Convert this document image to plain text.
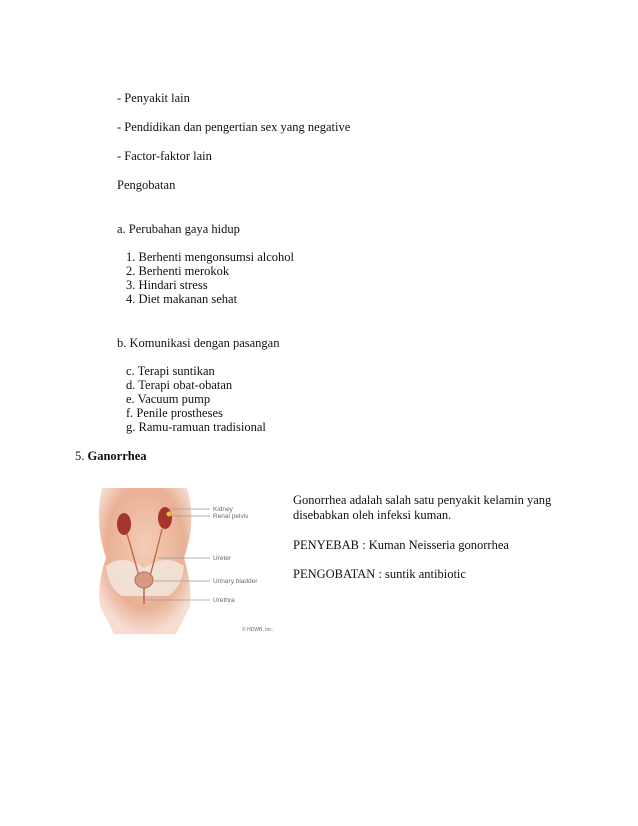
- Penyakit lain
- Pendidikan dan pengertian sex yang negative
- Factor-faktor lain
Pengobatan
a. Perubahan gaya hidup
1. Berhenti mengonsumsi alcohol
2. Berhenti merokok
3. Hindari stress
4. Diet makanan sehat
b. Komunikasi dengan pasangan
c. Terapi suntikan
d. Terapi obat-obatan
e. Vacuum pump
f. Penile prostheses
g. Ramu-ramuan tradisional
5. Ganorrhea
Kidney
Renal pelvis
Ureter
Urinary bladder
Urethra
© HDWB, Inc.
Gonorrhea adalah salah satu penyakit kelamin yang disebabkan oleh infeksi kuman.
PENYEBAB : Kuman Neisseria gonorrhea
PENGOBATAN : suntik antibiotic
